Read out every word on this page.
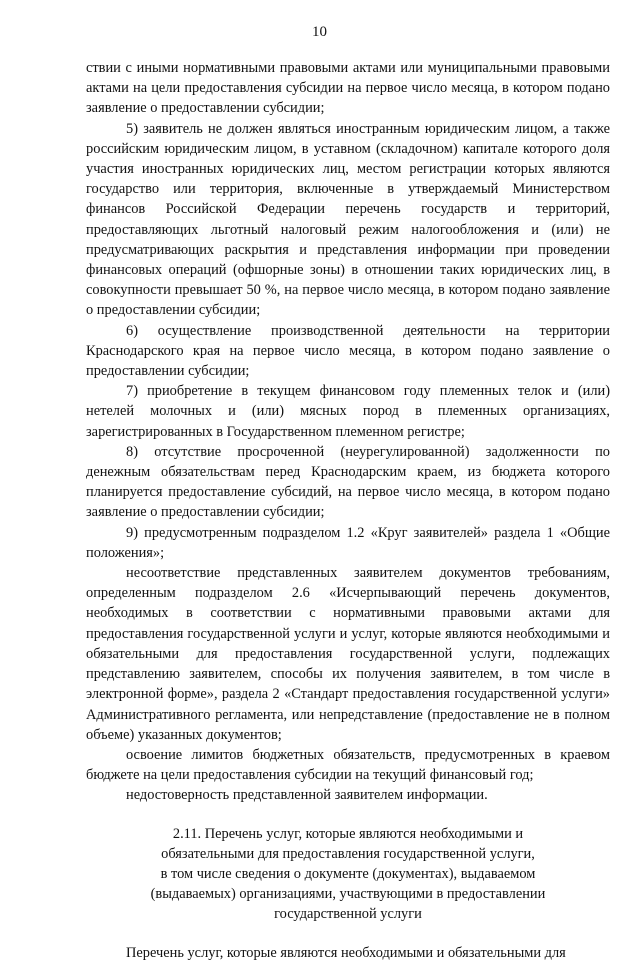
10

ствии с иными нормативными правовыми актами или муниципальными правовыми актами на цели предоставления субсидии на первое число месяца, в котором подано заявление о предоставлении субсидии;

5) заявитель не должен являться иностранным юридическим лицом, а также российским юридическим лицом, в уставном (складочном) капитале которого доля участия иностранных юридических лиц, местом регистрации которых являются государство или территория, включенные в утверждаемый Министерством финансов Российской Федерации перечень государств и территорий, предоставляющих льготный налоговый режим налогообложения и (или) не предусматривающих раскрытия и представления информации при проведении финансовых операций (офшорные зоны) в отношении таких юридических лиц, в совокупности превышает 50 %, на первое число месяца, в котором подано заявление о предоставлении субсидии;

6) осуществление производственной деятельности на территории Краснодарского края на первое число месяца, в котором подано заявление о предоставлении субсидии;

7) приобретение в текущем финансовом году племенных телок и (или) нетелей молочных и (или) мясных пород в племенных организациях, зарегистрированных в Государственном племенном регистре;

8) отсутствие просроченной (неурегулированной) задолженности по денежным обязательствам перед Краснодарским краем, из бюджета которого планируется предоставление субсидий, на первое число месяца, в котором подано заявление о предоставлении субсидии;

9) предусмотренным подразделом 1.2 «Круг заявителей» раздела 1 «Общие положения»;

несоответствие представленных заявителем документов требованиям, определенным подразделом 2.6 «Исчерпывающий перечень документов, необходимых в соответствии с нормативными правовыми актами для предоставления государственной услуги и услуг, которые являются необходимыми и обязательными для предоставления государственной услуги, подлежащих представлению заявителем, способы их получения заявителем, в том числе в электронной форме», раздела 2 «Стандарт предоставления государственной услуги» Административного регламента, или непредставление (предоставление не в полном объеме) указанных документов;

освоение лимитов бюджетных обязательств, предусмотренных в краевом бюджете на цели предоставления субсидии на текущий финансовый год;

недостоверность представленной заявителем информации.

2.11. Перечень услуг, которые являются необходимыми и
обязательными для предоставления государственной услуги,
в том числе сведения о документе (документах), выдаваемом
(выдаваемых) организациями, участвующими в предоставлении
государственной услуги

Перечень услуг, которые являются необходимыми и обязательными для
